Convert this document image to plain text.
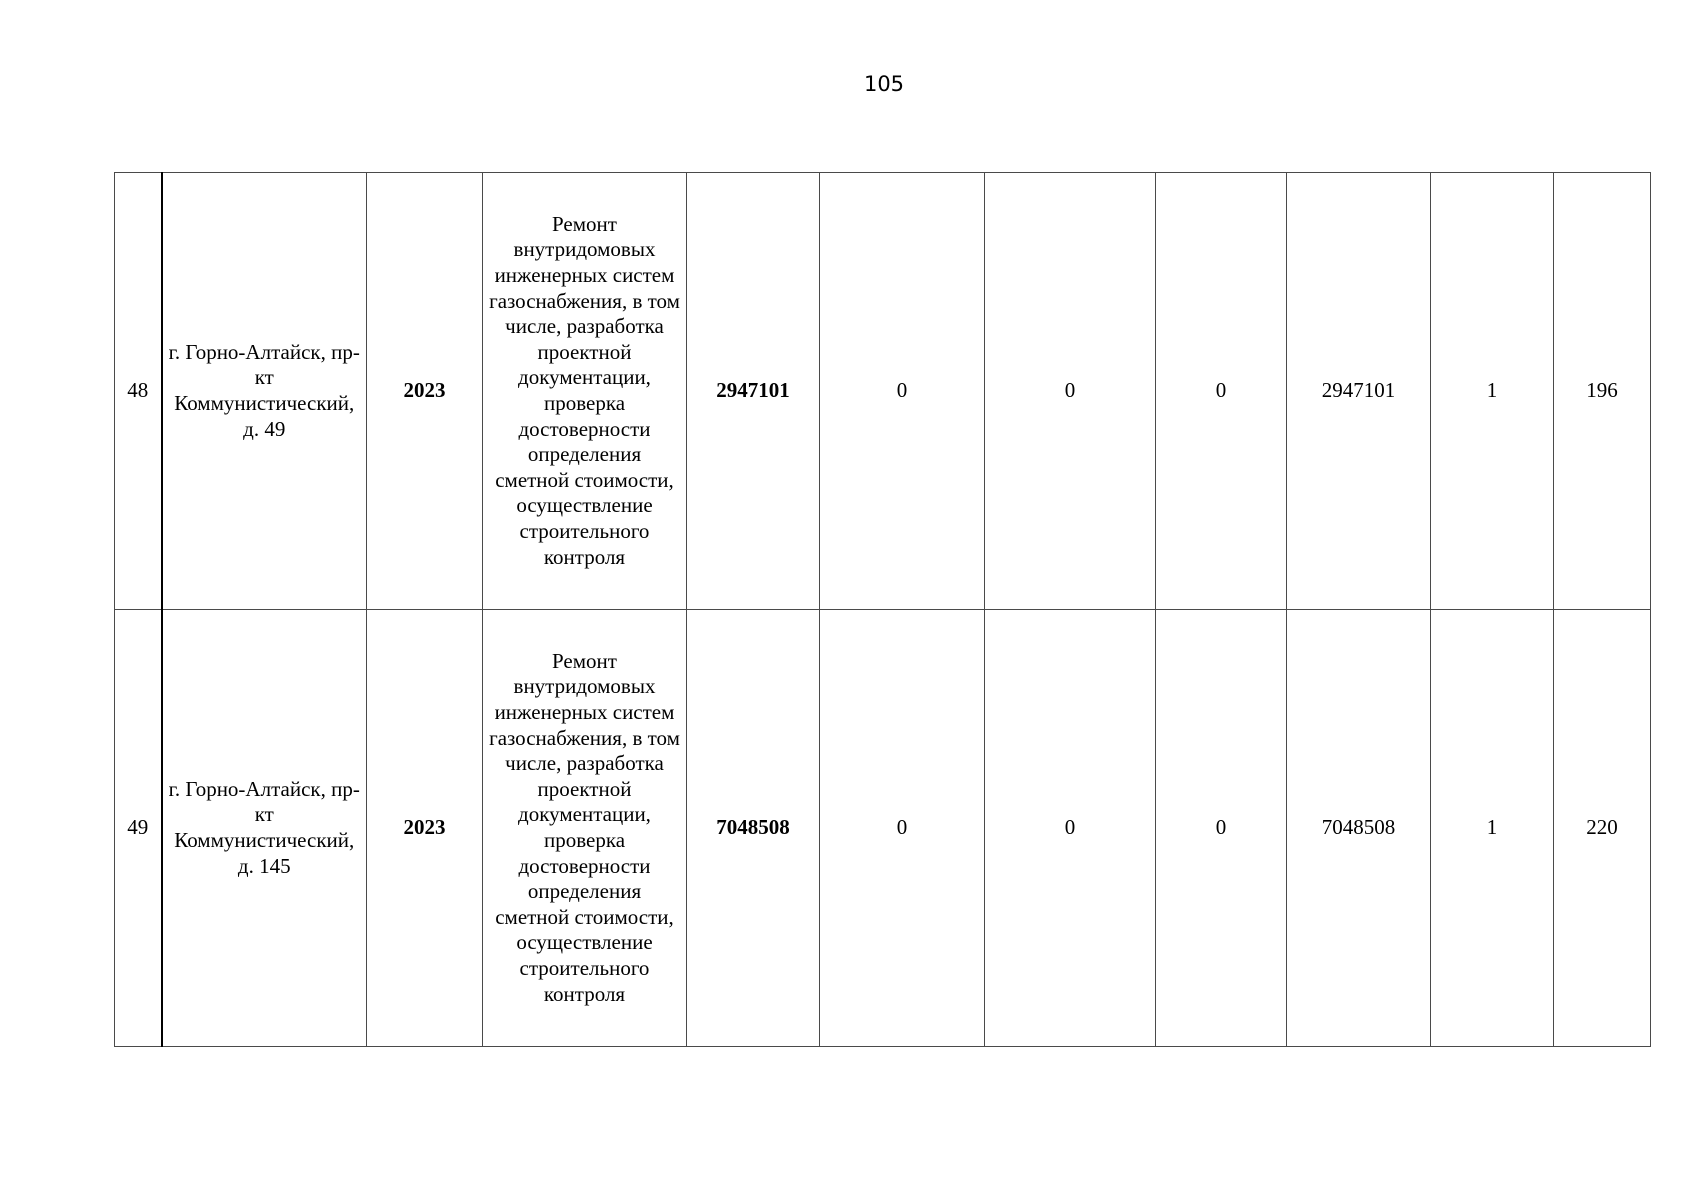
105
48	г. Горно-Алтайск, пр-кт Коммунистический, д. 49	2023	Ремонт внутридомовых инженерных систем газоснабжения, в том числе, разработка проектной документации, проверка достоверности определения сметной стоимости, осуществление строительного контроля	2947101	0	0	0	2947101	1	196
49	г. Горно-Алтайск, пр-кт Коммунистический, д. 145	2023	Ремонт внутридомовых инженерных систем газоснабжения, в том числе, разработка проектной документации, проверка достоверности определения сметной стоимости, осуществление строительного контроля	7048508	0	0	0	7048508	1	220
